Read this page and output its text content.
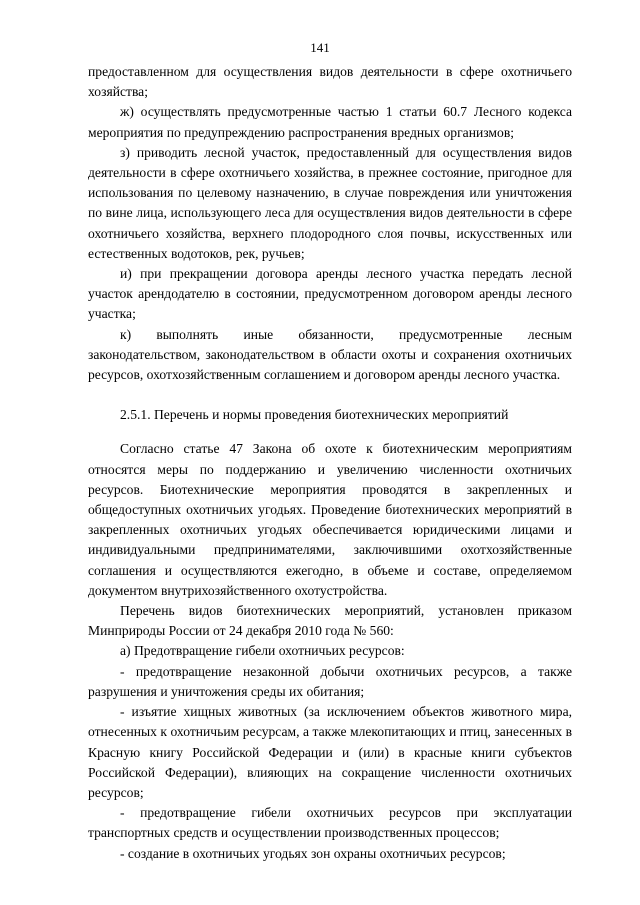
141

предоставленном для осуществления видов деятельности в сфере охотничьего хозяйства;

ж) осуществлять предусмотренные частью 1 статьи 60.7 Лесного кодекса мероприятия по предупреждению распространения вредных организмов;

з) приводить лесной участок, предоставленный для осуществления видов деятельности в сфере охотничьего хозяйства, в прежнее состояние, пригодное для использования по целевому назначению, в случае повреждения или уничтожения по вине лица, использующего леса для осуществления видов деятельности в сфере охотничьего хозяйства, верхнего плодородного слоя почвы, искусственных или естественных водотоков, рек, ручьев;

и) при прекращении договора аренды лесного участка передать лесной участок арендодателю в состоянии, предусмотренном договором аренды лесного участка;

к) выполнять иные обязанности, предусмотренные лесным законодательством, законодательством в области охоты и сохранения охотничьих ресурсов, охотхозяйственным соглашением и договором аренды лесного участка.

2.5.1. Перечень и нормы проведения биотехнических мероприятий

Согласно статье 47 Закона об охоте к биотехническим мероприятиям относятся меры по поддержанию и увеличению численности охотничьих ресурсов. Биотехнические мероприятия проводятся в закрепленных и общедоступных охотничьих угодьях. Проведение биотехнических мероприятий в закрепленных охотничьих угодьях обеспечивается юридическими лицами и индивидуальными предпринимателями, заключившими охотхозяйственные соглашения и осуществляются ежегодно, в объеме и составе, определяемом документом внутрихозяйственного охотустройства.

Перечень видов биотехнических мероприятий, установлен приказом Минприроды России от 24 декабря 2010 года № 560:

а) Предотвращение гибели охотничьих ресурсов:

- предотвращение незаконной добычи охотничьих ресурсов, а также разрушения и уничтожения среды их обитания;

- изъятие хищных животных (за исключением объектов животного мира, отнесенных к охотничьим ресурсам, а также млекопитающих и птиц, занесенных в Красную книгу Российской Федерации и (или) в красные книги субъектов Российской Федерации), влияющих на сокращение численности охотничьих ресурсов;

- предотвращение гибели охотничьих ресурсов при эксплуатации транспортных средств и осуществлении производственных процессов;

- создание в охотничьих угодьях зон охраны охотничьих ресурсов;
